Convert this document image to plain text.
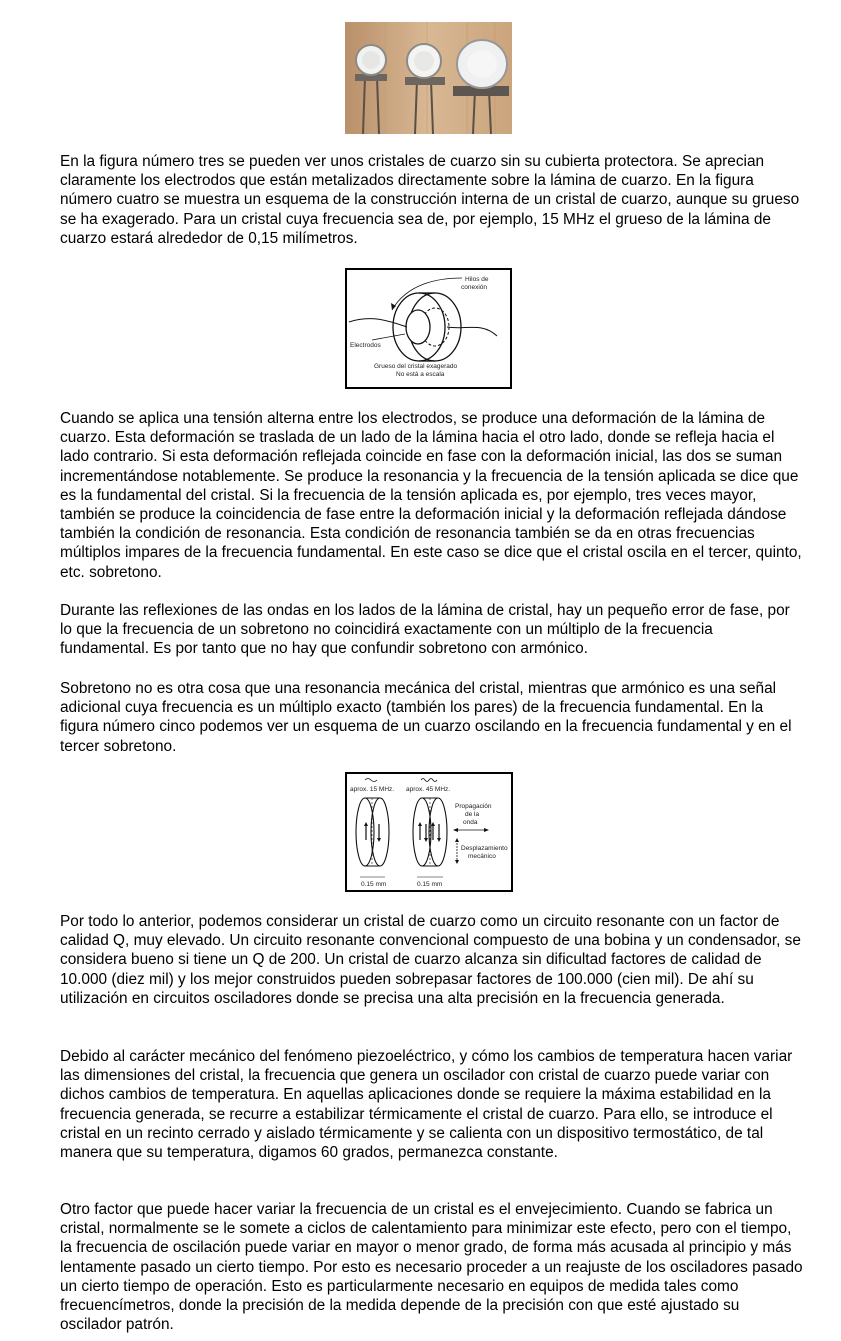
En la figura número tres se pueden ver unos cristales de cuarzo sin su cubierta protectora. Se aprecian claramente los electrodos que están metalizados directamente sobre la lámina de cuarzo. En la figura número cuatro se muestra un esquema de la construcción interna de un cristal de cuarzo, aunque su grueso se ha exagerado. Para un cristal cuya frecuencia sea de, por ejemplo, 15 MHz el grueso de la lámina de cuarzo estará alrededor de 0,15 milímetros.

Hilos de
conexión
Electrodos
Grueso del cristal exagerado
No está a escala

Cuando se aplica una tensión alterna entre los electrodos, se produce una deformación de la lámina de cuarzo. Esta deformación se traslada de un lado de la lámina hacia el otro lado, donde se refleja hacia el lado contrario. Si esta deformación reflejada coincide en fase con la deformación inicial, las dos se suman incrementándose notablemente. Se produce la resonancia y la frecuencia de la tensión aplicada se dice que es la fundamental del cristal. Si la frecuencia de la tensión aplicada es, por ejemplo, tres veces mayor, también se produce la coincidencia de fase entre la deformación inicial y la deformación reflejada dándose también la condición de resonancia. Esta condición de resonancia también se da en otras frecuencias múltiplos impares de la frecuencia fundamental. En este caso se dice que el cristal oscila en el tercer, quinto, etc. sobretono.

Durante las reflexiones de las ondas en los lados de la lámina de cristal, hay un pequeño error de fase, por lo que la frecuencia de un sobretono no coincidirá exactamente con un múltiplo de la frecuencia fundamental. Es por tanto que no hay que confundir sobretono con armónico.

Sobretono no es otra cosa que una resonancia mecánica del cristal, mientras que armónico es una señal adicional cuya frecuencia es un múltiplo exacto (también los pares) de la frecuencia fundamental. En la figura número cinco podemos ver un esquema de un cuarzo oscilando en la frecuencia fundamental y en el tercer sobretono.

aprox. 15 MHz. aprox. 45 MHz.
Propagación
de la
onda
Desplazamiento
mecánico
0.15 mm	0.15 mm

Por todo lo anterior, podemos considerar un cristal de cuarzo como un circuito resonante con un factor de calidad Q, muy elevado. Un circuito resonante convencional compuesto de una bobina y un condensador, se considera bueno si tiene un Q de 200. Un cristal de cuarzo alcanza sin dificultad factores de calidad de 10.000 (diez mil) y los mejor construidos pueden sobrepasar factores de 100.000 (cien mil). De ahí su utilización en circuitos osciladores donde se precisa una alta precisión en la frecuencia generada.

Debido al carácter mecánico del fenómeno piezoeléctrico, y cómo los cambios de temperatura hacen variar las dimensiones del cristal, la frecuencia que genera un oscilador con cristal de cuarzo puede variar con dichos cambios de temperatura. En aquellas aplicaciones donde se requiere la máxima estabilidad en la frecuencia generada, se recurre a estabilizar térmicamente el cristal de cuarzo. Para ello, se introduce el cristal en un recinto cerrado y aislado térmicamente y se calienta con un dispositivo termostático, de tal manera que su temperatura, digamos 60 grados, permanezca constante.

Otro factor que puede hacer variar la frecuencia de un cristal es el envejecimiento. Cuando se fabrica un cristal, normalmente se le somete a ciclos de calentamiento para minimizar este efecto, pero con el tiempo, la frecuencia de oscilación puede variar en mayor o menor grado, de forma más acusada al principio y más lentamente pasado un cierto tiempo. Por esto es necesario proceder a un reajuste de los osciladores pasado un cierto tiempo de operación. Esto es particularmente necesario en equipos de medida tales como frecuencímetros, donde la precisión de la medida depende de la precisión con que esté ajustado su oscilador patrón.
